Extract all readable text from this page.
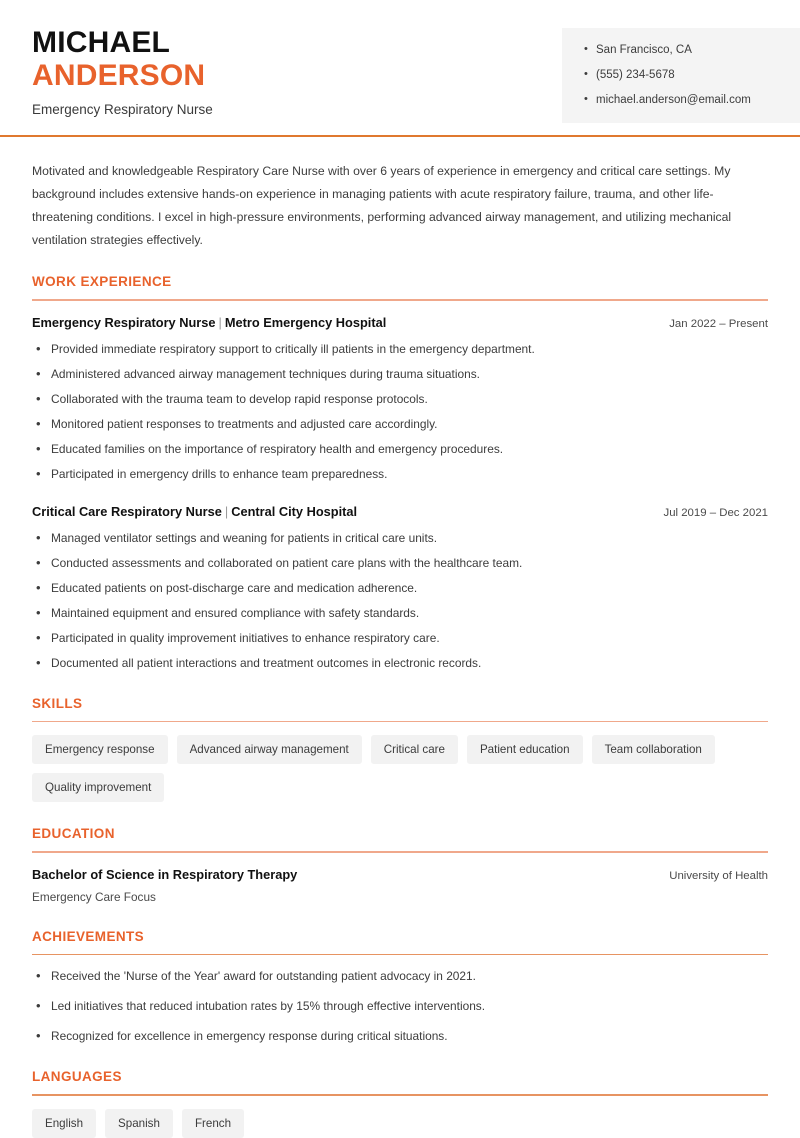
MICHAEL
ANDERSON
Emergency Respiratory Nurse
• San Francisco, CA
• (555) 234-5678
• michael.anderson@email.com

Motivated and knowledgeable Respiratory Care Nurse with over 6 years of experience in emergency and critical care settings. My background includes extensive hands-on experience in managing patients with acute respiratory failure, trauma, and other life-threatening conditions. I excel in high-pressure environments, performing advanced airway management, and utilizing mechanical ventilation strategies effectively.

WORK EXPERIENCE
Emergency Respiratory Nurse | Metro Emergency Hospital	Jan 2022 – Present
• Provided immediate respiratory support to critically ill patients in the emergency department.
• Administered advanced airway management techniques during trauma situations.
• Collaborated with the trauma team to develop rapid response protocols.
• Monitored patient responses to treatments and adjusted care accordingly.
• Educated families on the importance of respiratory health and emergency procedures.
• Participated in emergency drills to enhance team preparedness.
Critical Care Respiratory Nurse | Central City Hospital	Jul 2019 – Dec 2021
• Managed ventilator settings and weaning for patients in critical care units.
• Conducted assessments and collaborated on patient care plans with the healthcare team.
• Educated patients on post-discharge care and medication adherence.
• Maintained equipment and ensured compliance with safety standards.
• Participated in quality improvement initiatives to enhance respiratory care.
• Documented all patient interactions and treatment outcomes in electronic records.
SKILLS
Emergency response	Advanced airway management	Critical care	Patient education	Team collaboration
Quality improvement
EDUCATION
Bachelor of Science in Respiratory Therapy	University of Health
Emergency Care Focus
ACHIEVEMENTS
• Received the 'Nurse of the Year' award for outstanding patient advocacy in 2021.
• Led initiatives that reduced intubation rates by 15% through effective interventions.
• Recognized for excellence in emergency response during critical situations.
LANGUAGES
English	Spanish	French
